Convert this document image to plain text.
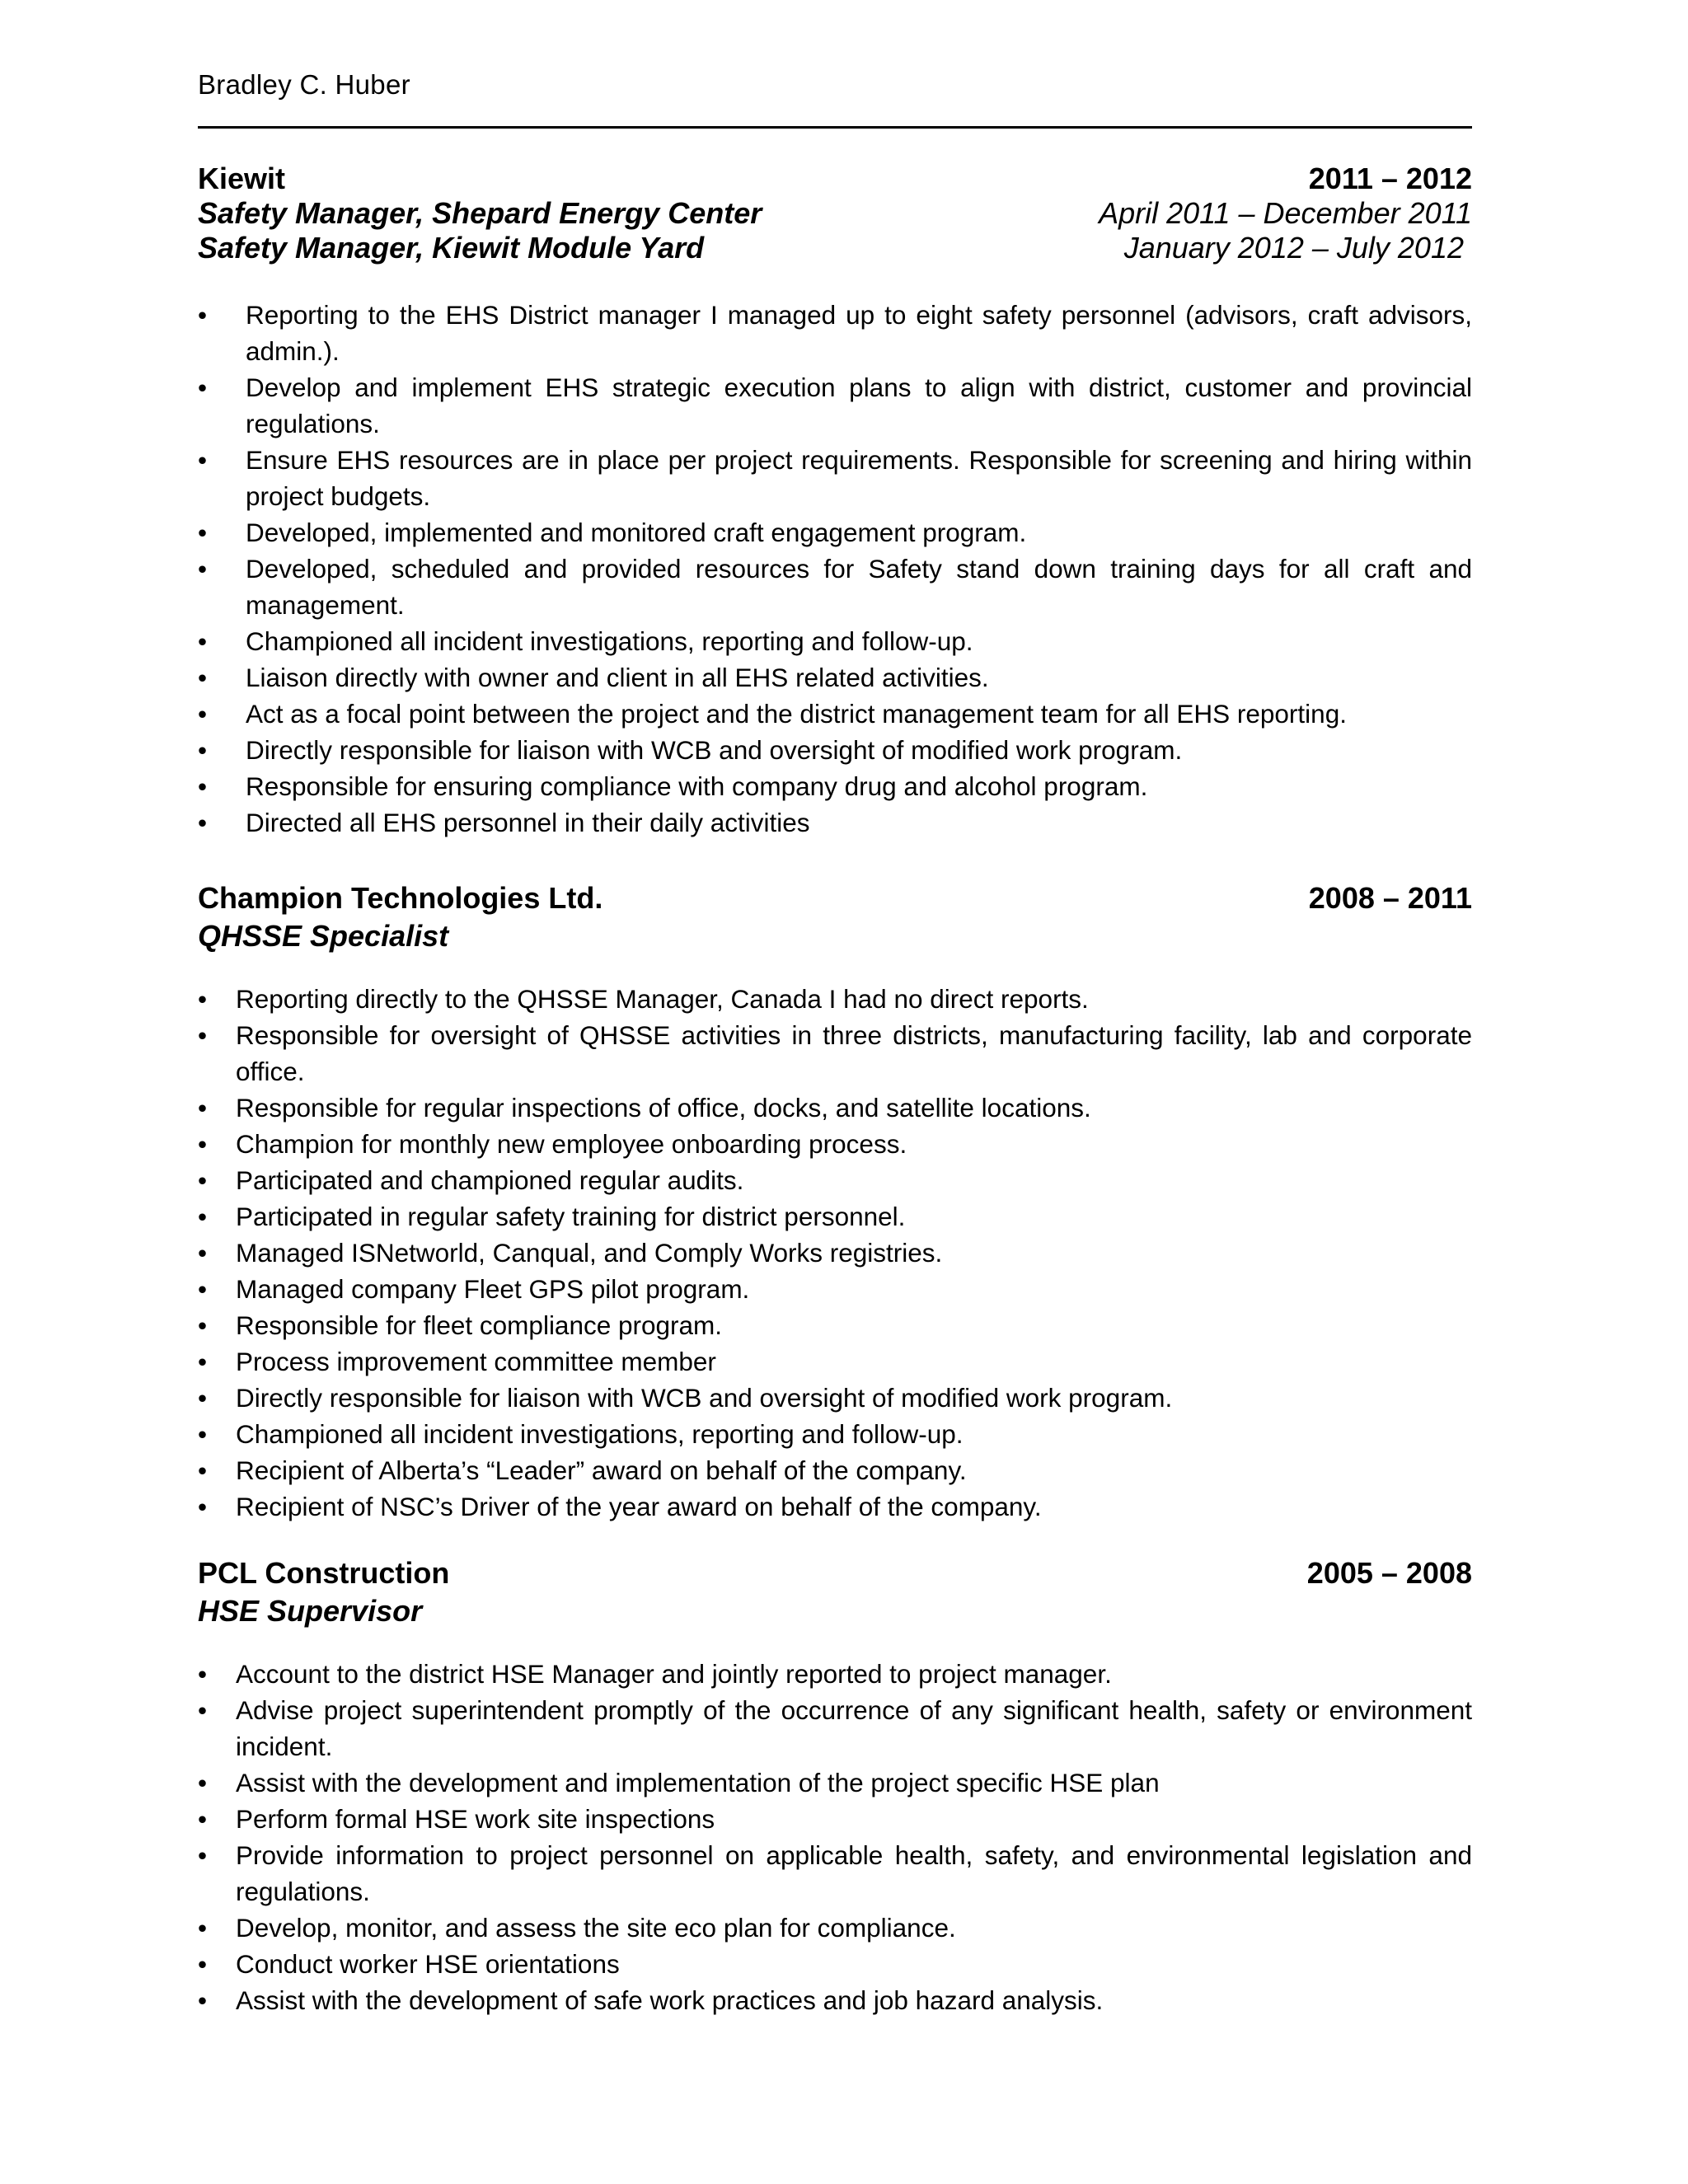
Bradley C. Huber
Kiewit	2011 – 2012
Safety Manager, Shepard Energy Center	April 2011 – December 2011
Safety Manager, Kiewit Module Yard	January 2012 – July 2012
• Reporting to the EHS District manager I managed up to eight safety personnel (advisors, craft advisors, admin.).
• Develop and implement EHS strategic execution plans to align with district, customer and provincial regulations.
• Ensure EHS resources are in place per project requirements. Responsible for screening and hiring within project budgets.
• Developed, implemented and monitored craft engagement program.
• Developed, scheduled and provided resources for Safety stand down training days for all craft and management.
• Championed all incident investigations, reporting and follow-up.
• Liaison directly with owner and client in all EHS related activities.
• Act as a focal point between the project and the district management team for all EHS reporting.
• Directly responsible for liaison with WCB and oversight of modified work program.
• Responsible for ensuring compliance with company drug and alcohol program.
• Directed all EHS personnel in their daily activities
Champion Technologies Ltd.	2008 – 2011
QHSSE Specialist
• Reporting directly to the QHSSE Manager, Canada I had no direct reports.
• Responsible for oversight of QHSSE activities in three districts, manufacturing facility, lab and corporate office.
• Responsible for regular inspections of office, docks, and satellite locations.
• Champion for monthly new employee onboarding process.
• Participated and championed regular audits.
• Participated in regular safety training for district personnel.
• Managed ISNetworld, Canqual, and Comply Works registries.
• Managed company Fleet GPS pilot program.
• Responsible for fleet compliance program.
• Process improvement committee member
• Directly responsible for liaison with WCB and oversight of modified work program.
• Championed all incident investigations, reporting and follow-up.
• Recipient of Alberta’s “Leader” award on behalf of the company.
• Recipient of NSC’s Driver of the year award on behalf of the company.
PCL Construction	2005 – 2008
HSE Supervisor
• Account to the district HSE Manager and jointly reported to project manager.
• Advise project superintendent promptly of the occurrence of any significant health, safety or environment incident.
• Assist with the development and implementation of the project specific HSE plan
• Perform formal HSE work site inspections
• Provide information to project personnel on applicable health, safety, and environmental legislation and regulations.
• Develop, monitor, and assess the site eco plan for compliance.
• Conduct worker HSE orientations
• Assist with the development of safe work practices and job hazard analysis.
